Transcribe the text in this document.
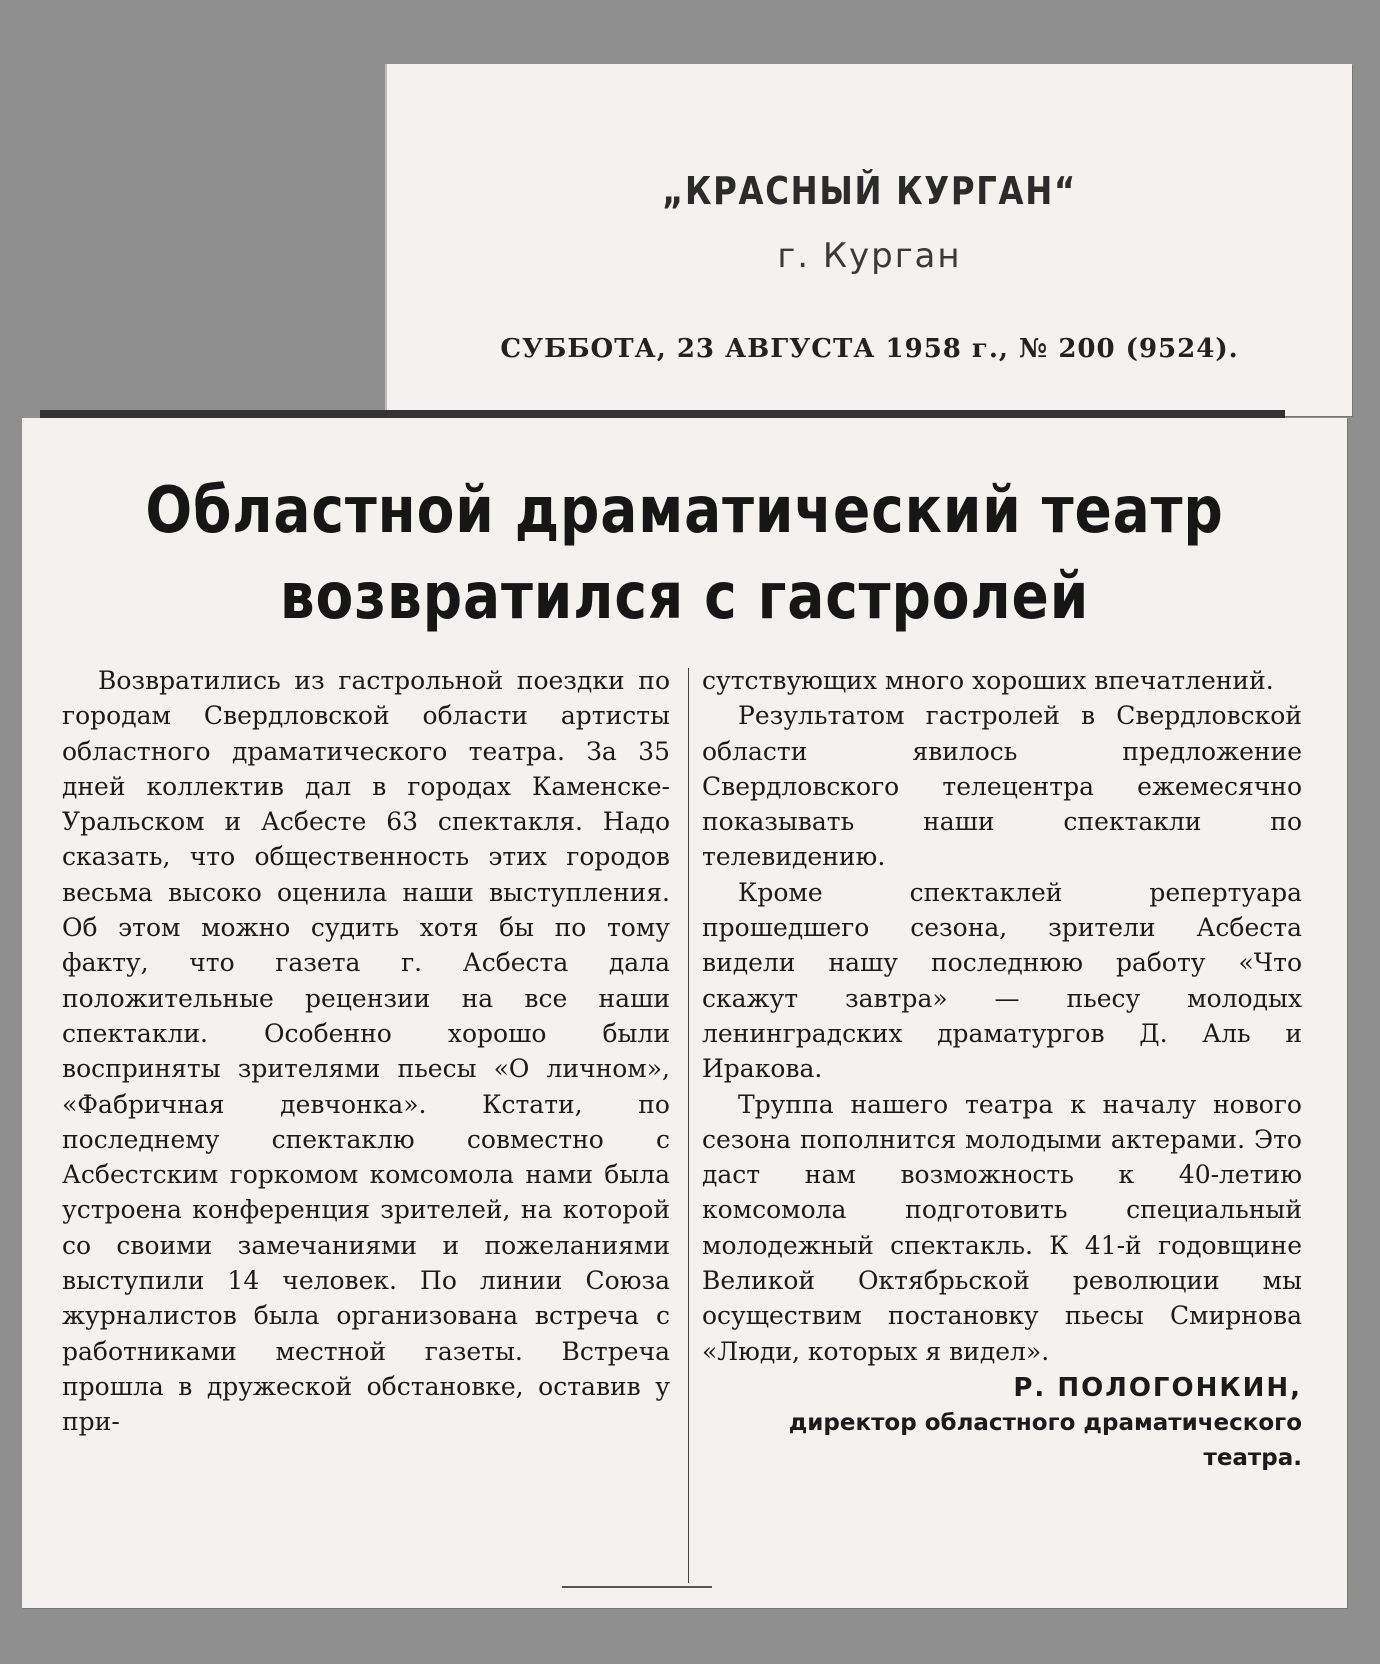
„КРАСНЫЙ КУРГАН“
г. Курган
СУББОТА, 23 АВГУСТА 1958 г., № 200 (9524).
Областной драматический театр
возвратился с гастролей

Возвратились из гастрольной поездки по городам Свердловской области артисты областного драматического театра. За 35 дней коллектив дал в городах Каменске-Уральском и Асбесте 63 спектакля. Надо сказать, что общественность этих городов весьма высоко оценила наши выступления. Об этом можно судить хотя бы по тому факту, что газета г. Асбеста дала положительные рецензии на все наши спектакли. Особенно хорошо были восприняты зрителями пьесы «О личном», «Фабричная девчонка». Кстати, по последнему спектаклю совместно с Асбестским горкомом комсомола нами была устроена конференция зрителей, на которой со своими замечаниями и пожеланиями выступили 14 человек. По линии Союза журналистов была организована встреча с работниками местной газеты. Встреча прошла в дружеской обстановке, оставив у при-

сутствующих много хороших впечатлений.

Результатом гастролей в Свердловской области явилось предложение Свердловского телецентра ежемесячно показывать наши спектакли по телевидению.

Кроме спектаклей репертуара прошедшего сезона, зрители Асбеста видели нашу последнюю работу «Что скажут завтра» — пьесу молодых ленинградских драматургов Д. Аль и Иракова.

Труппа нашего театра к началу нового сезона пополнится молодыми актерами. Это даст нам возможность к 40-летию комсомола подготовить специальный молодежный спектакль. К 41-й годовщине Великой Октябрьской революции мы осуществим постановку пьесы Смирнова «Люди, которых я видел».

Р. ПОЛОГОНКИН,
директор областного драматического театра.
